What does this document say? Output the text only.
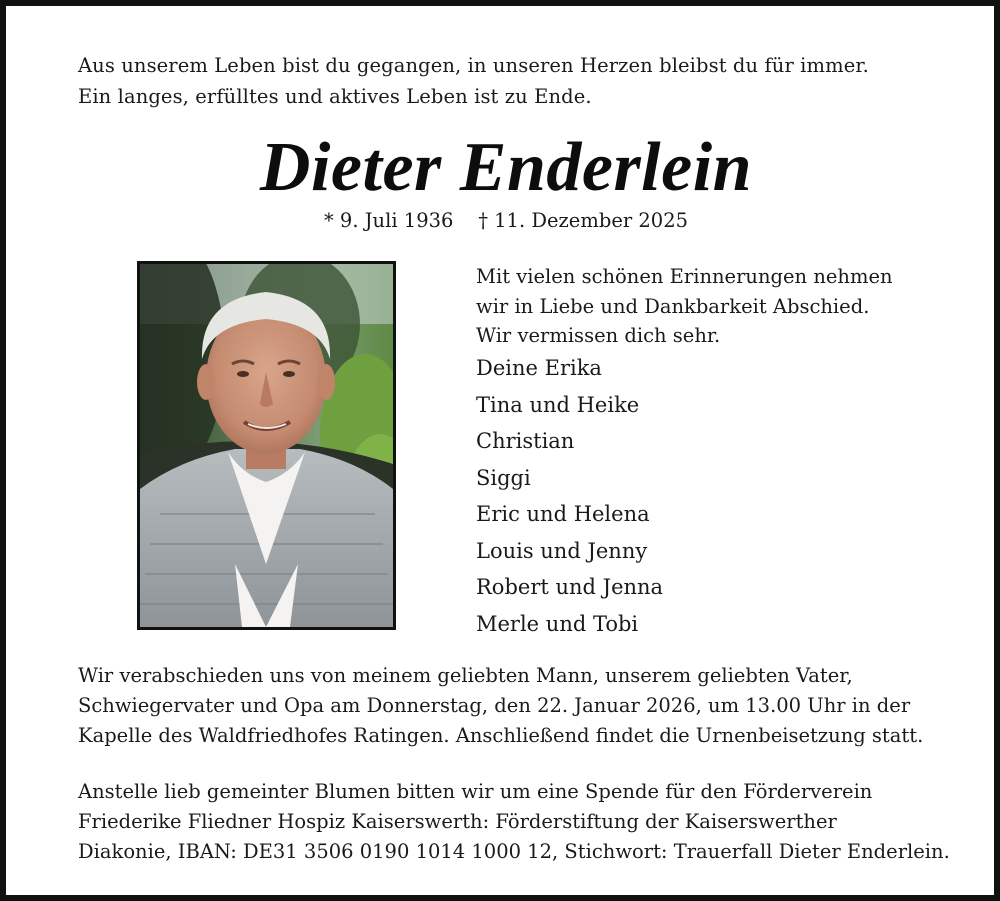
Aus unserem Leben bist du gegangen, in unseren Herzen bleibst du für immer.
Ein langes, erfülltes und aktives Leben ist zu Ende.
Dieter Enderlein
* 9. Juli 1936    † 11. Dezember 2025
Mit vielen schönen Erinnerungen nehmen
wir in Liebe und Dankbarkeit Abschied.
Wir vermissen dich sehr.
Deine Erika
Tina und Heike
Christian
Siggi
Eric und Helena
Louis und Jenny
Robert und Jenna
Merle und Tobi
Wir verabschieden uns von meinem geliebten Mann, unserem geliebten Vater,
Schwiegervater und Opa am Donnerstag, den 22. Januar 2026, um 13.00 Uhr in der
Kapelle des Waldfriedhofes Ratingen. Anschließend findet die Urnenbeisetzung statt.
Anstelle lieb gemeinter Blumen bitten wir um eine Spende für den Förderverein
Friederike Fliedner Hospiz Kaiserswerth: Förderstiftung der Kaiserswerther
Diakonie, IBAN: DE31 3506 0190 1014 1000 12, Stichwort: Trauerfall Dieter Enderlein.
